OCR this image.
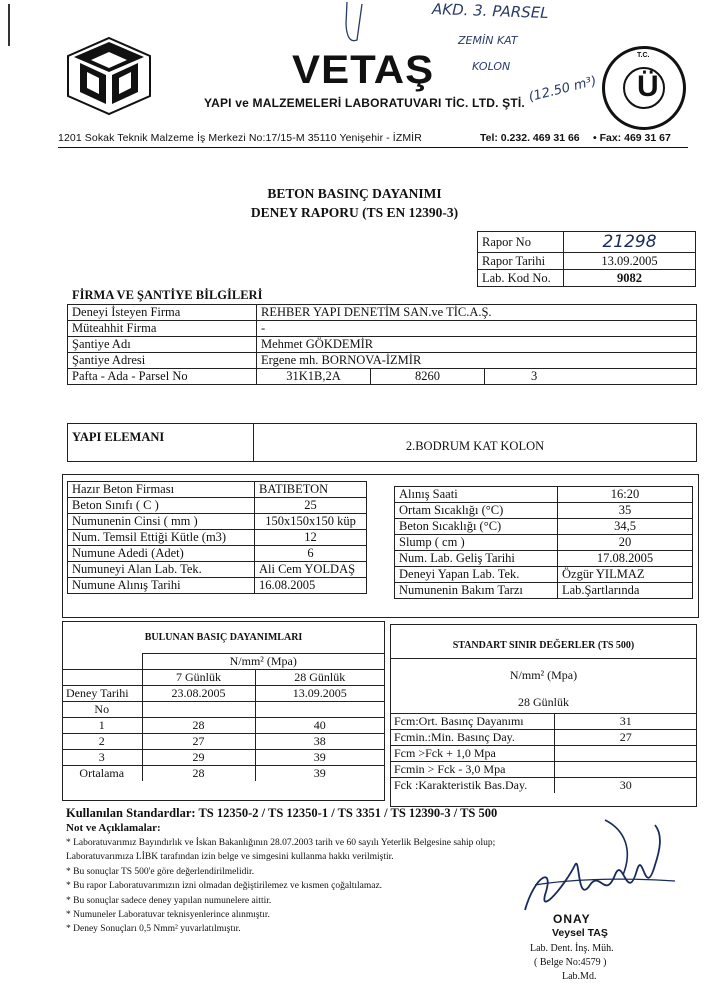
AKD. 3. PARSEL
ZEMİN KAT
KOLON
(12.50 m³)
VETAŞ
YAPI ve MALZEMELERİ LABORATUVARI TİC. LTD. ŞTİ.
T.C.
Ü
1201 Sokak Teknik Malzeme İş Merkezi No:17/15-M 35110 Yenişehir - İZMİR	Tel: 0.232. 469 31 66 • Fax: 469 31 67
BETON BASINÇ DAYANIMI
DENEY RAPORU (TS EN 12390-3)
Rapor No	21298
Rapor Tarihi	13.09.2005
Lab. Kod No.	9082
FİRMA VE ŞANTİYE BİLGİLERİ
Deneyi İsteyen Firma	REHBER YAPI DENETİM SAN.ve TİC.A.Ş.		
Müteahhit Firma	-		
Şantiye Adı	Mehmet GÖKDEMİR		
Şantiye Adresi	Ergene mh. BORNOVA-İZMİR		
Pafta - Ada - Parsel No	31K1B,2A	8260	3
YAPI ELEMANI
2.BODRUM KAT KOLON
Hazır Beton Firması	BATIBETON
Beton Sınıfı ( C )	25
Numunenin Cinsi ( mm )	150x150x150 küp
Num. Temsil Ettiği Kütle (m3)	12
Numune Adedi (Adet)	6
Numuneyi Alan Lab. Tek.	Ali Cem YOLDAŞ
Numune Alınış Tarihi	16.08.2005
Alınış Saati	16:20
Ortam Sıcaklığı (°C)	35
Beton Sıcaklığı (°C)	34,5
Slump ( cm )	20
Num. Lab. Geliş Tarihi	17.08.2005
Deneyi Yapan Lab. Tek.	Özgür YILMAZ
Numunenin Bakım Tarzı	Lab.Şartlarında
BULUNAN BASIÇ DAYANIMLARI
	N/mm² (Mpa)	
	7 Günlük	28 Günlük
Deney Tarihi	23.08.2005	13.09.2005
No		
1	28	40
2	27	38
3	29	39
Ortalama	28	39
STANDART SINIR DEĞERLER (TS 500)
N/mm² (Mpa)
28 Günlük
Fcm:Ort. Basınç Dayanımı	31
Fcmin.:Min. Basınç Day.	27
Fcm >Fck + 1,0 Mpa	
Fcmin > Fck - 3,0 Mpa	
Fck :Karakteristik Bas.Day.	30
Kullanılan Standardlar: TS 12350-2 / TS 12350-1 / TS 3351 / TS 12390-3 / TS 500
Not ve Açıklamalar:
* Laboratuvarımız Bayındırlık ve İskan Bakanlığının 28.07.2003 tarih ve 60 sayılı Yeterlik Belgesine sahip olup;
Laboratuvarımıza LİBK tarafından izin belge ve simgesini kullanma hakkı verilmiştir.
* Bu sonuçlar TS 500'e göre değerlendirilmelidir.
* Bu rapor Laboratuvarımızın izni olmadan değiştirilemez ve kısmen çoğaltılamaz.
* Bu sonuçlar sadece deney yapılan numunelere aittir.
* Numuneler Laboratuvar teknisyenlerince alınmıştır.
* Deney Sonuçları 0,5 Nmm² yuvarlatılmıştır.
ONAY
Veysel TAŞ
Lab. Dent. İnş. Müh.
( Belge No:4579 )
Lab.Md.
